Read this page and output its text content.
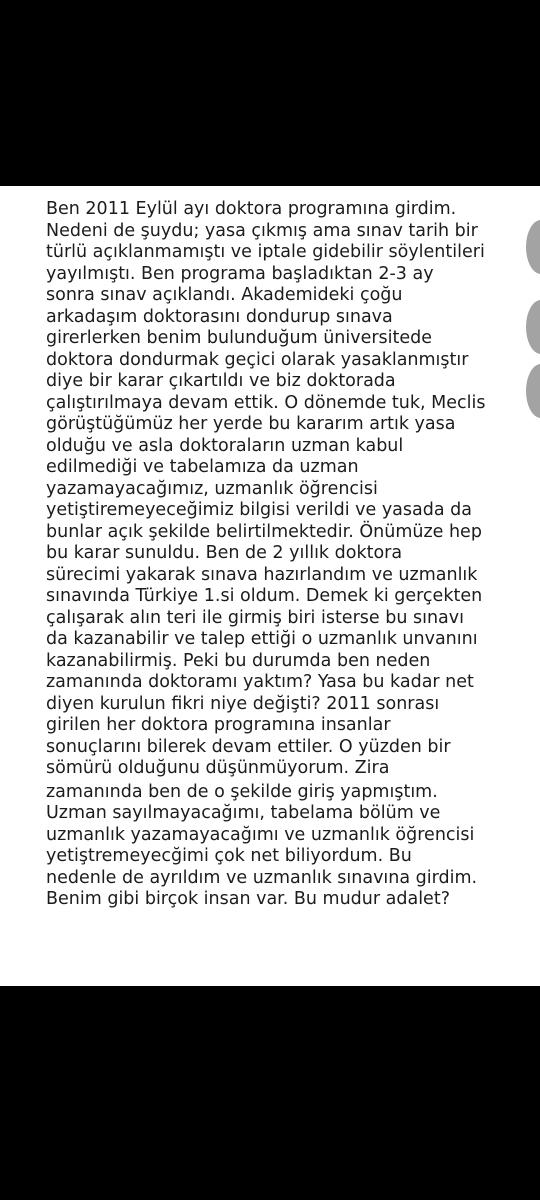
Ben 2011 Eylül ayı doktora programına girdim.
Nedeni de şuydu; yasa çıkmış ama sınav tarih bir
türlü açıklanmamıştı ve iptale gidebilir söylentileri
yayılmıştı. Ben programa başladıktan 2-3 ay
sonra sınav açıklandı. Akademideki çoğu
arkadaşım doktorasını dondurup sınava
girerlerken benim bulunduğum üniversitede
doktora dondurmak geçici olarak yasaklanmıştır
diye bir karar çıkartıldı ve biz doktorada
çalıştırılmaya devam ettik. O dönemde tuk, Meclis
görüştüğümüz her yerde bu kararım artık yasa
olduğu ve asla doktoraların uzman kabul
edilmediği ve tabelamıza da uzman
yazamayacağımız, uzmanlık öğrencisi
yetiştiremeyeceğimiz bilgisi verildi ve yasada da
bunlar açık şekilde belirtilmektedir. Önümüze hep
bu karar sunuldu. Ben de 2 yıllık doktora
sürecimi yakarak sınava hazırlandım ve uzmanlık
sınavında Türkiye 1.si oldum. Demek ki gerçekten
çalışarak alın teri ile girmiş biri isterse bu sınavı
da kazanabilir ve talep ettiği o uzmanlık unvanını
kazanabilirmiş. Peki bu durumda ben neden
zamanında doktoramı yaktım? Yasa bu kadar net
diyen kurulun fikri niye değişti? 2011 sonrası
girilen her doktora programına insanlar
sonuçlarını bilerek devam ettiler. O yüzden bir
sömürü olduğunu düşünmüyorum. Zira
zamanında ben de o şekilde giriş yapmıştım.
Uzman sayılmayacağımı, tabelama bölüm ve
uzmanlık yazamayacağımı ve uzmanlık öğrencisi
yetiştremeyecğimi çok net biliyordum. Bu
nedenle de ayrıldım ve uzmanlık sınavına girdim.
Benim gibi birçok insan var. Bu mudur adalet?
